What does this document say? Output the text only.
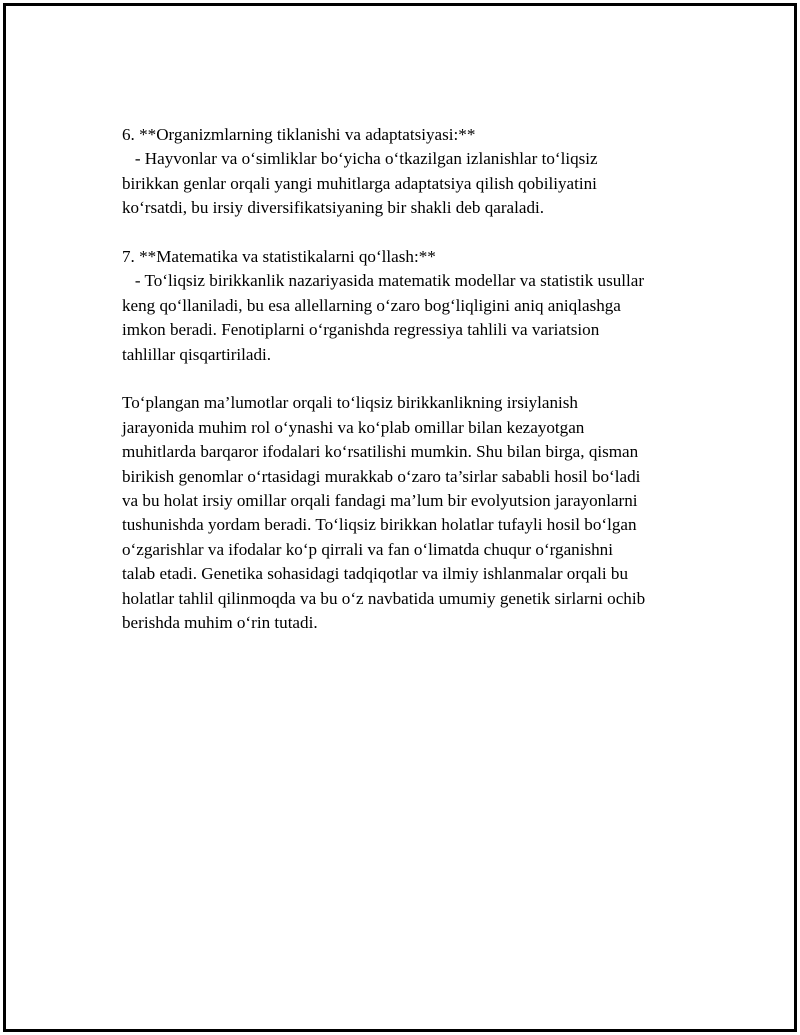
6. **Organizmlarning tiklanishi va adaptatsiyasi:**
- Hayvonlar va o‘simliklar bo‘yicha o‘tkazilgan izlanishlar to‘liqsiz
birikkan genlar orqali yangi muhitlarga adaptatsiya qilish qobiliyatini
ko‘rsatdi, bu irsiy diversifikatsiyaning bir shakli deb qaraladi.
7. **Matematika va statistikalarni qo‘llash:**
- To‘liqsiz birikkanlik nazariyasida matematik modellar va statistik usullar
keng qo‘llaniladi, bu esa allellarning o‘zaro bog‘liqligini aniq aniqlashga
imkon beradi. Fenotiplarni o‘rganishda regressiya tahlili va variatsion
tahlillar qisqartiriladi.
To‘plangan ma’lumotlar orqali to‘liqsiz birikkanlikning irsiylanish
jarayonida muhim rol o‘ynashi va ko‘plab omillar bilan kezayotgan
muhitlarda barqaror ifodalari ko‘rsatilishi mumkin. Shu bilan birga, qisman
birikish genomlar o‘rtasidagi murakkab o‘zaro ta’sirlar sababli hosil bo‘ladi
va bu holat irsiy omillar orqali fandagi ma’lum bir evolyutsion jarayonlarni
tushunishda yordam beradi. To‘liqsiz birikkan holatlar tufayli hosil bo‘lgan
o‘zgarishlar va ifodalar ko‘p qirrali va fan o‘limatda chuqur o‘rganishni
talab etadi. Genetika sohasidagi tadqiqotlar va ilmiy ishlanmalar orqali bu
holatlar tahlil qilinmoqda va bu o‘z navbatida umumiy genetik sirlarni ochib
berishda muhim o‘rin tutadi.
